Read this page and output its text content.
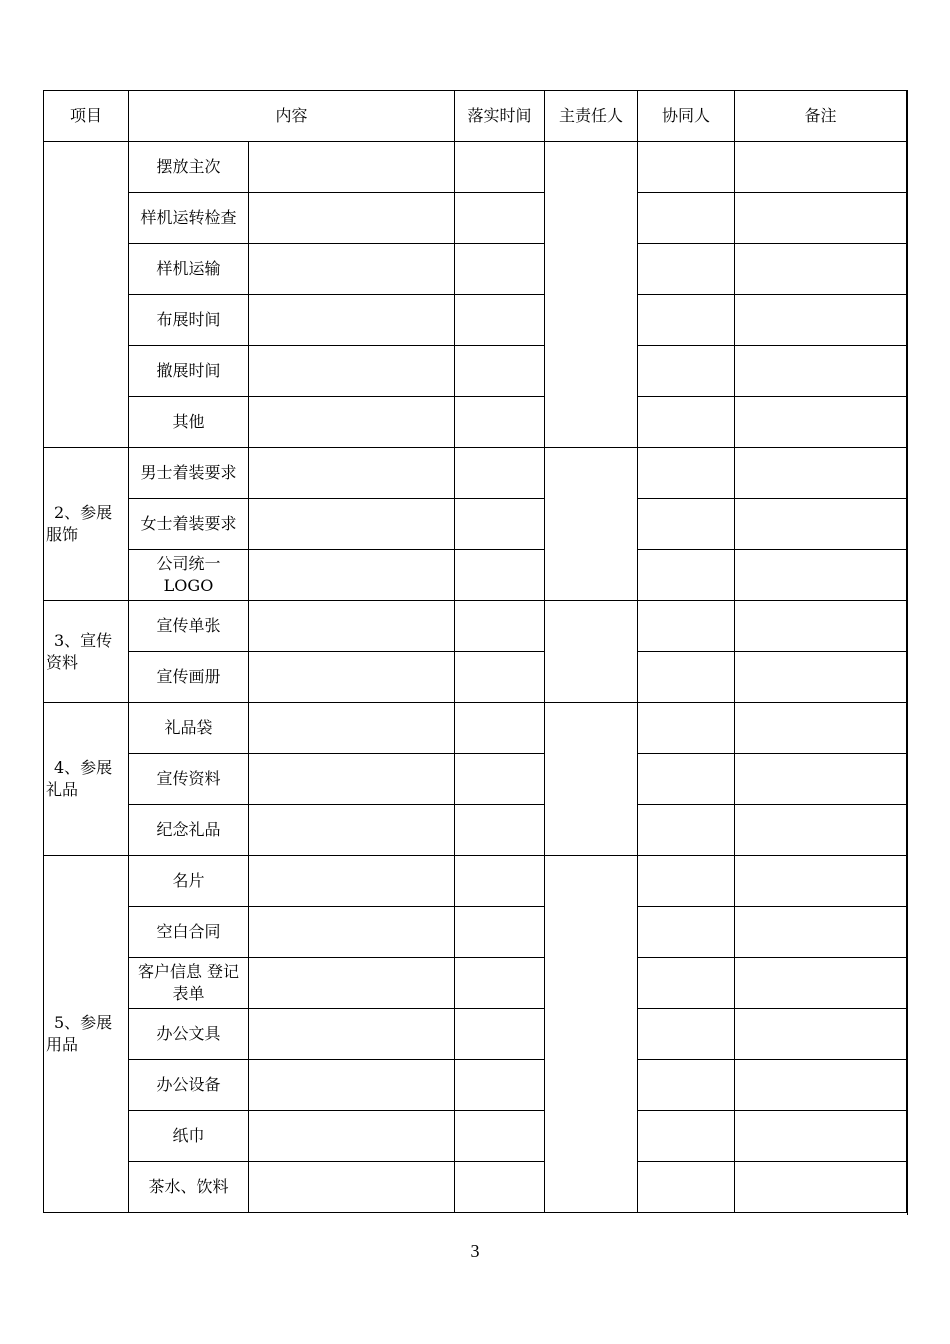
项目	内容		落实时间	主责任人	协同人	备注

	摆放主次					

	样机运转检查					

	样机运输					

	布展时间					

	撤展时间					

	其他					

2、参展服饰	男士着装要求					

	女士着装要求					

	公司统一 LOGO					

3、宣传资料	宣传单张					

	宣传画册					

4、参展礼品	礼品袋					

	宣传资料					

	纪念礼品					

5、参展用品	名片					

	空白合同					

	客户信息 登记表单					

	办公文具					

	办公设备					

	纸巾					

	茶水、饮料					

3
